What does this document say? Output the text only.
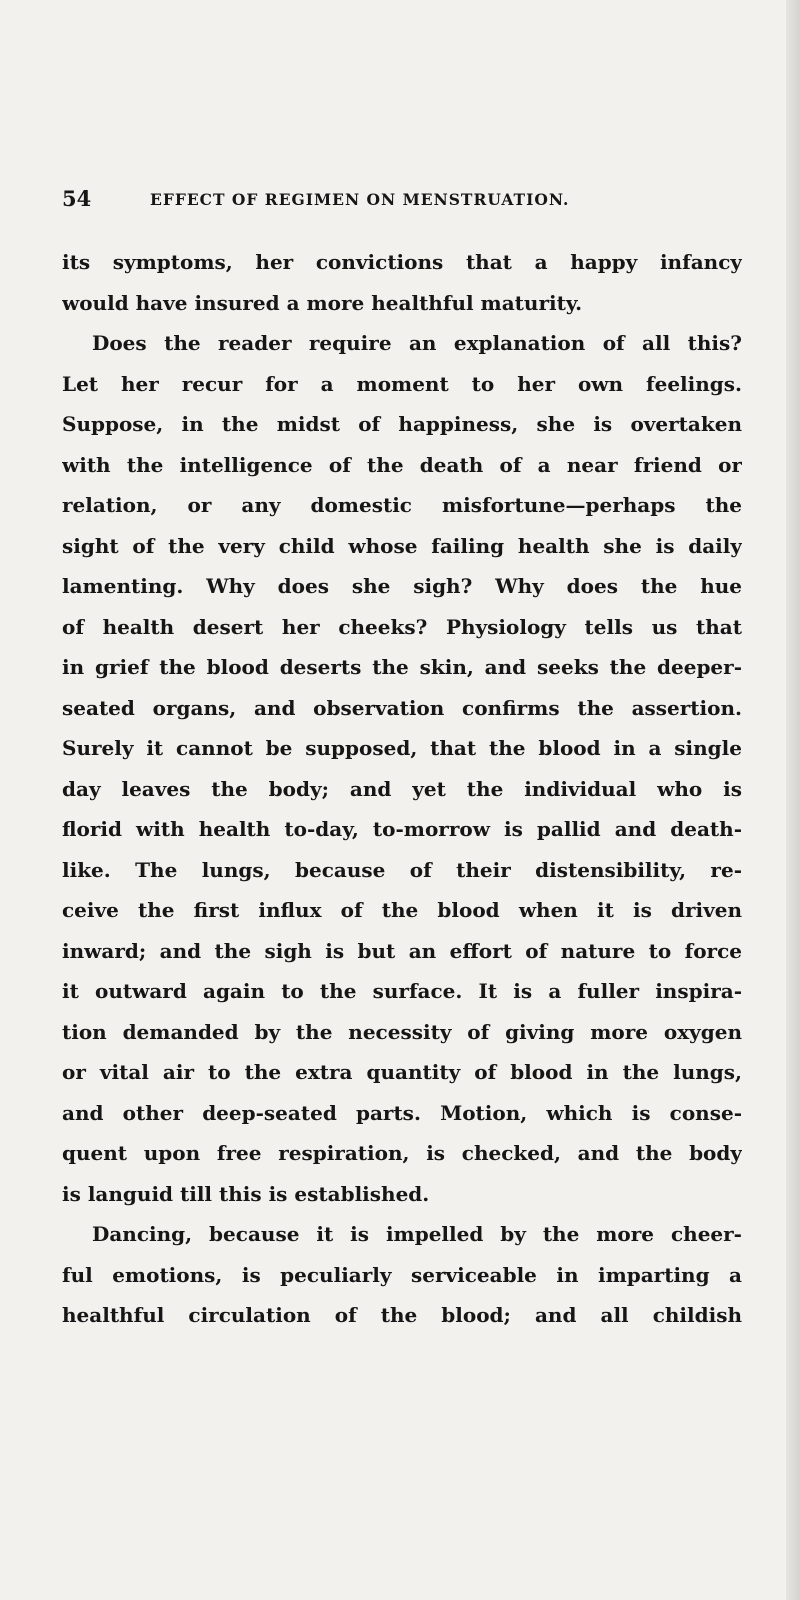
54	EFFECT OF REGIMEN ON MENSTRUATION.
its symptoms, her convictions that a happy infancy
would have insured a more healthful maturity.
Does the reader require an explanation of all this?
Let her recur for a moment to her own feelings.
Suppose, in the midst of happiness, she is overtaken
with the intelligence of the death of a near friend or
relation, or any domestic misfortune—perhaps the
sight of the very child whose failing health she is daily
lamenting. Why does she sigh? Why does the hue
of health desert her cheeks? Physiology tells us that
in grief the blood deserts the skin, and seeks the deeper-
seated organs, and observation confirms the assertion.
Surely it cannot be supposed, that the blood in a single
day leaves the body; and yet the individual who is
florid with health to-day, to-morrow is pallid and death-
like. The lungs, because of their distensibility, re-
ceive the first influx of the blood when it is driven
inward; and the sigh is but an effort of nature to force
it outward again to the surface. It is a fuller inspira-
tion demanded by the necessity of giving more oxygen
or vital air to the extra quantity of blood in the lungs,
and other deep-seated parts. Motion, which is conse-
quent upon free respiration, is checked, and the body
is languid till this is established.
Dancing, because it is impelled by the more cheer-
ful emotions, is peculiarly serviceable in imparting a
healthful circulation of the blood; and all childish
